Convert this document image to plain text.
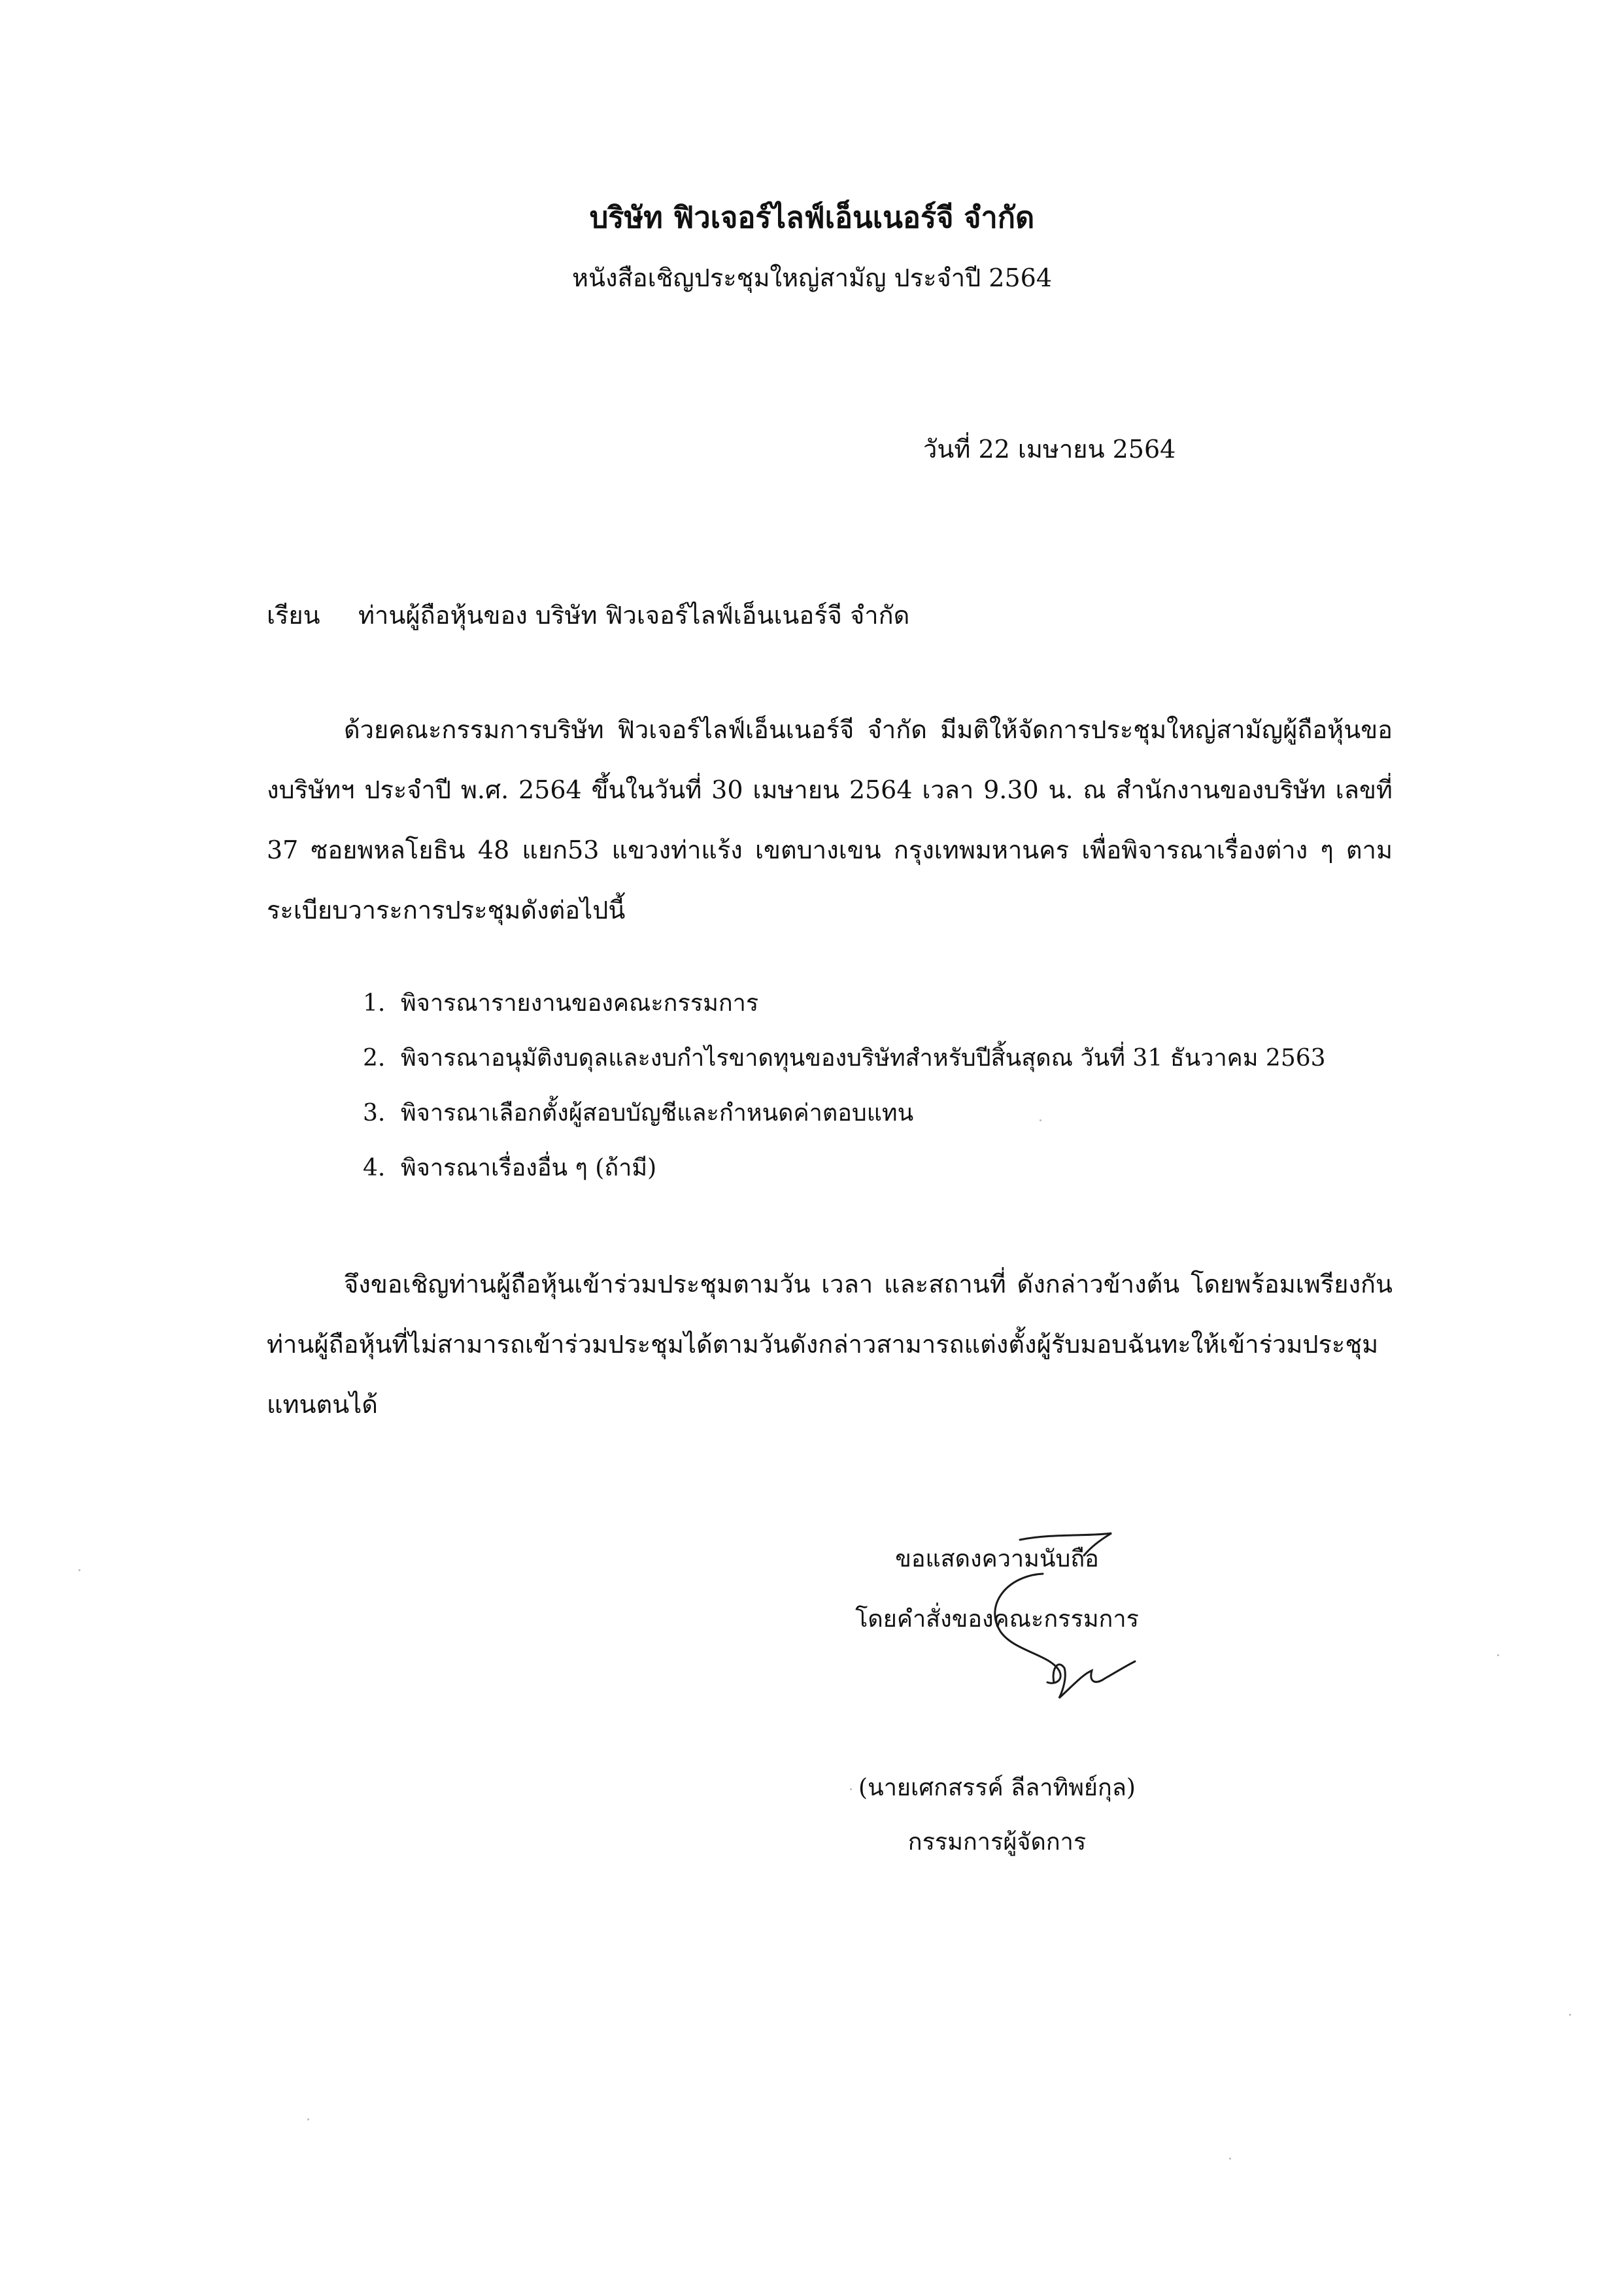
บริษัท ฟิวเจอร์ไลฟ์เอ็นเนอร์จี จำกัด
หนังสือเชิญประชุมใหญ่สามัญ ประจำปี 2564
วันที่ 22 เมษายน 2564
เรียน ท่านผู้ถือหุ้นของ บริษัท ฟิวเจอร์ไลฟ์เอ็นเนอร์จี จำกัด
ด้วยคณะกรรมการบริษัท ฟิวเจอร์ไลฟ์เอ็นเนอร์จี จำกัด มีมติให้จัดการประชุมใหญ่สามัญผู้ถือหุ้นของบริษัทฯ ประจำปี พ.ศ. 2564 ขึ้นในวันที่ 30 เมษายน 2564 เวลา 9.30 น. ณ สำนักงานของบริษัท เลขที่ 37 ซอยพหลโยธิน 48 แยก53 แขวงท่าแร้ง เขตบางเขน กรุงเทพมหานคร เพื่อพิจารณาเรื่องต่าง ๆ ตามระเบียบวาระการประชุมดังต่อไปนี้
1. พิจารณารายงานของคณะกรรมการ
2. พิจารณาอนุมัติงบดุลและงบกำไรขาดทุนของบริษัทสำหรับปีสิ้นสุดณ วันที่ 31 ธันวาคม 2563
3. พิจารณาเลือกตั้งผู้สอบบัญชีและกำหนดค่าตอบแทน
4. พิจารณาเรื่องอื่น ๆ (ถ้ามี)
จึงขอเชิญท่านผู้ถือหุ้นเข้าร่วมประชุมตามวัน เวลา และสถานที่ ดังกล่าวข้างต้น โดยพร้อมเพรียงกัน ท่านผู้ถือหุ้นที่ไม่สามารถเข้าร่วมประชุมได้ตามวันดังกล่าวสามารถแต่งตั้งผู้รับมอบฉันทะให้เข้าร่วมประชุมแทนตนได้
ขอแสดงความนับถือ
โดยคำสั่งของคณะกรรมการ
(นายเศกสรรค์ ลีลาทิพย์กุล)
กรรมการผู้จัดการ
